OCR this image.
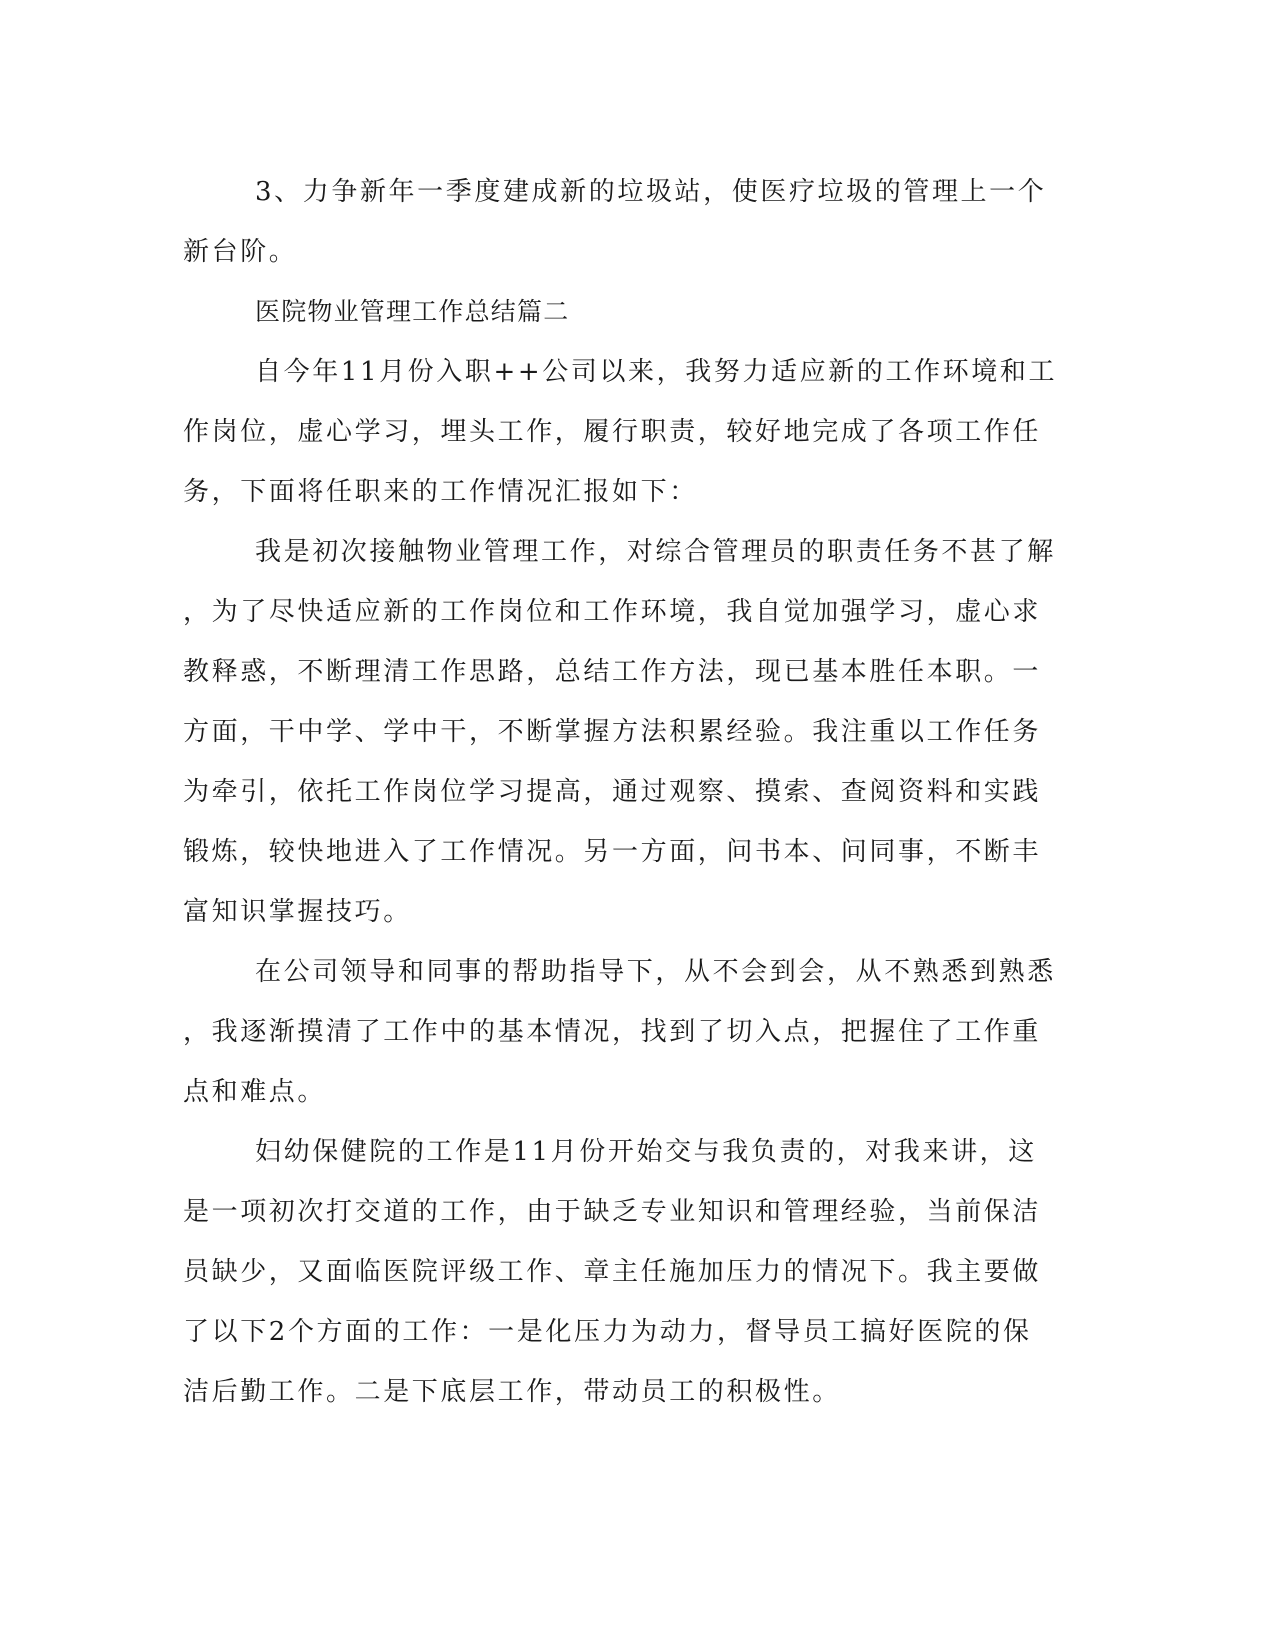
3、力争新年一季度建成新的垃圾站，使医疗垃圾的管理上一个
新台阶。
医院物业管理工作总结篇二
自今年11月份入职++公司以来，我努力适应新的工作环境和工
作岗位，虚心学习，埋头工作，履行职责，较好地完成了各项工作任
务，下面将任职来的工作情况汇报如下：
我是初次接触物业管理工作，对综合管理员的职责任务不甚了解
，为了尽快适应新的工作岗位和工作环境，我自觉加强学习，虚心求
教释惑，不断理清工作思路，总结工作方法，现已基本胜任本职。一
方面，干中学、学中干，不断掌握方法积累经验。我注重以工作任务
为牵引，依托工作岗位学习提高，通过观察、摸索、查阅资料和实践
锻炼，较快地进入了工作情况。另一方面，问书本、问同事，不断丰
富知识掌握技巧。
在公司领导和同事的帮助指导下，从不会到会，从不熟悉到熟悉
，我逐渐摸清了工作中的基本情况，找到了切入点，把握住了工作重
点和难点。
妇幼保健院的工作是11月份开始交与我负责的，对我来讲，这
是一项初次打交道的工作，由于缺乏专业知识和管理经验，当前保洁
员缺少，又面临医院评级工作、章主任施加压力的情况下。我主要做
了以下2个方面的工作：一是化压力为动力，督导员工搞好医院的保
洁后勤工作。二是下底层工作，带动员工的积极性。
